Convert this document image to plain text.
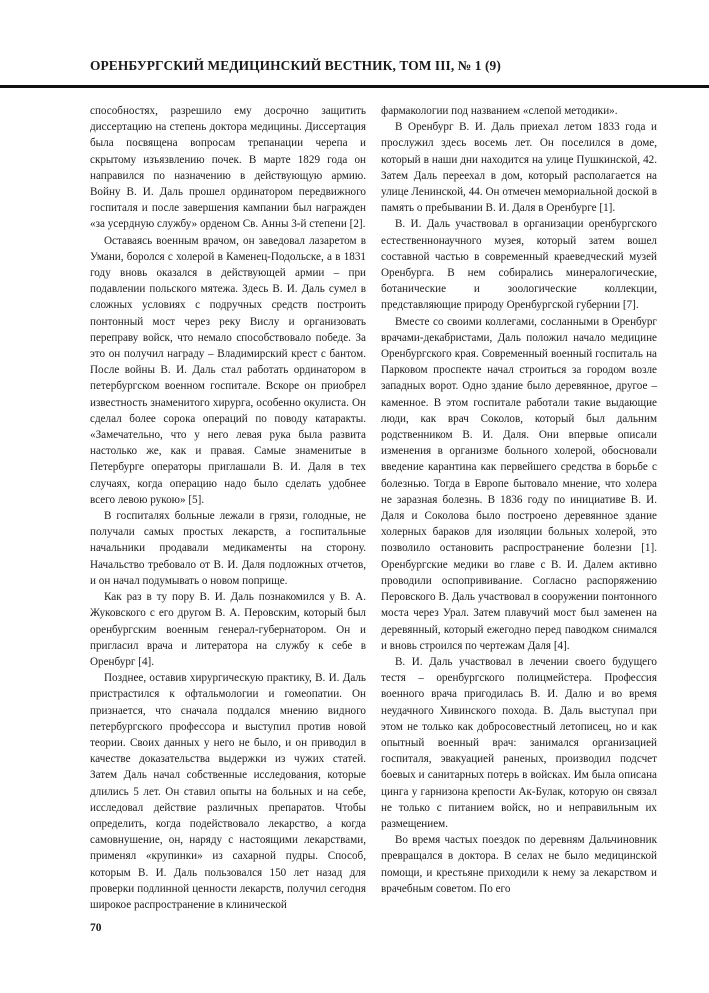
ОРЕНБУРГСКИЙ МЕДИЦИНСКИЙ ВЕСТНИК, ТОМ III, № 1 (9)

способностях, разрешило ему досрочно защитить диссертацию на степень доктора медицины. Диссертация была посвящена вопросам трепанации черепа и скрытому изъязвлению почек. В марте 1829 года он направился по назначению в действующую армию. Войну В. И. Даль прошел ординатором передвижного госпиталя и после завершения кампании был награжден «за усердную службу» орденом Св. Анны 3-й степени [2].

Оставаясь военным врачом, он заведовал лазаретом в Умани, боролся с холерой в Каменец-Подольске, а в 1831 году вновь оказался в действующей армии – при подавлении польского мятежа. Здесь В. И. Даль сумел в сложных условиях с подручных средств построить понтонный мост через реку Вислу и организовать переправу войск, что немало способствовало победе. За это он получил награду – Владимирский крест с бантом. После войны В. И. Даль стал работать ординатором в петербургском военном госпитале. Вскоре он приобрел известность знаменитого хирурга, особенно окулиста. Он сделал более сорока операций по поводу катаракты. «Замечательно, что у него левая рука была развита настолько же, как и правая. Самые знаменитые в Петербурге операторы приглашали В. И. Даля в тех случаях, когда операцию надо было сделать удобнее всего левою рукою» [5].

В госпиталях больные лежали в грязи, голодные, не получали самых простых лекарств, а госпитальные начальники продавали медикаменты на сторону. Начальство требовало от В. И. Даля подложных отчетов, и он начал подумывать о новом поприще.

Как раз в ту пору В. И. Даль познакомился у В. А. Жуковского с его другом В. А. Перовским, который был оренбургским военным генерал-губернатором. Он и пригласил врача и литератора на службу к себе в Оренбург [4].

Позднее, оставив хирургическую практику, В. И. Даль пристрастился к офтальмологии и гомеопатии. Он признается, что сначала поддался мнению видного петербургского профессора и выступил против новой теории. Своих данных у него не было, и он приводил в качестве доказательства выдержки из чужих статей. Затем Даль начал собственные исследования, которые длились 5 лет. Он ставил опыты на больных и на себе, исследовал действие различных препаратов. Чтобы определить, когда подействовало лекарство, а когда самовнушение, он, наряду с настоящими лекарствами, применял «крупинки» из сахарной пудры. Способ, которым В. И. Даль пользовался 150 лет назад для проверки подлинной ценности лекарств, получил сегодня широкое распространение в клинической

фармакологии под названием «слепой методики».

В Оренбург В. И. Даль приехал летом 1833 года и прослужил здесь восемь лет. Он поселился в доме, который в наши дни находится на улице Пушкинской, 42. Затем Даль переехал в дом, который располагается на улице Ленинской, 44. Он отмечен мемориальной доской в память о пребывании В. И. Даля в Оренбурге [1].

В. И. Даль участвовал в организации оренбургского естественнонаучного музея, который затем вошел составной частью в современный краеведческий музей Оренбурга. В нем собирались минералогические, ботанические и зоологические коллекции, представляющие природу Оренбургской губернии [7].

Вместе со своими коллегами, сосланными в Оренбург врачами-декабристами, Даль положил начало медицине Оренбургского края. Современный военный госпиталь на Парковом проспекте начал строиться за городом возле западных ворот. Одно здание было деревянное, другое – каменное. В этом госпитале работали такие выдающие люди, как врач Соколов, который был дальним родственником В. И. Даля. Они впервые описали изменения в организме больного холерой, обосновали введение карантина как первейшего средства в борьбе с болезнью. Тогда в Европе бытовало мнение, что холера не заразная болезнь. В 1836 году по инициативе В. И. Даля и Соколова было построено деревянное здание холерных бараков для изоляции больных холерой, это позволило остановить распространение болезни [1]. Оренбургские медики во главе с В. И. Далем активно проводили оспопрививание. Согласно распоряжению Перовского В. Даль участвовал в сооружении понтонного моста через Урал. Затем плавучий мост был заменен на деревянный, который ежегодно перед паводком снимался и вновь строился по чертежам Даля [4].

В. И. Даль участвовал в лечении своего будущего тестя – оренбургского полицмейстера. Профессия военного врача пригодилась В. И. Далю и во время неудачного Хивинского похода. В. Даль выступал при этом не только как добросовестный летописец, но и как опытный военный врач: занимался организацией госпиталя, эвакуацией раненых, производил подсчет боевых и санитарных потерь в войсках. Им была описана цинга у гарнизона крепости Ак-Булак, которую он связал не только с питанием войск, но и неправильным их размещением.

Во время частых поездок по деревням Дальчиновник превращался в доктора. В селах не было медицинской помощи, и крестьяне приходили к нему за лекарством и врачебным советом. По его

70
